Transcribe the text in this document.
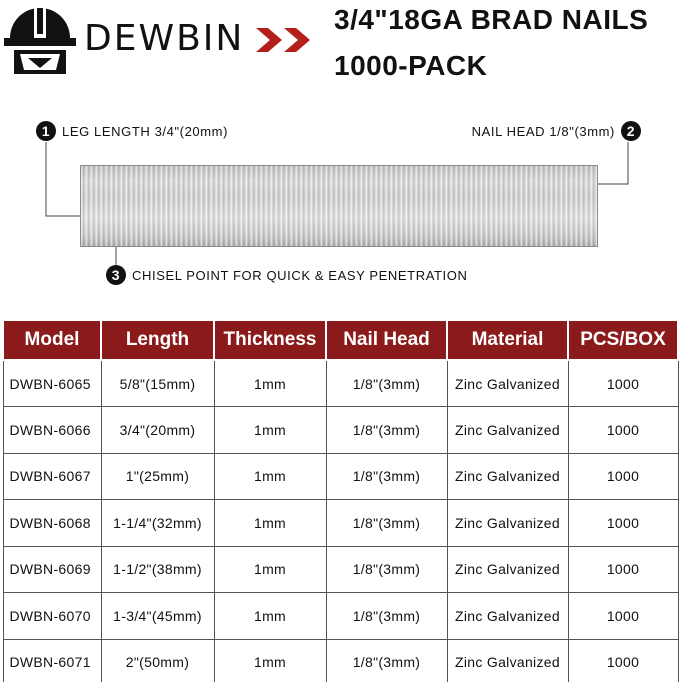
DEWBIN	3/4"18GA BRAD NAILS
1000-PACK
1 LEG LENGTH 3/4"(20mm)	NAIL HEAD 1/8"(3mm) 2
3 CHISEL POINT FOR QUICK & EASY PENETRATION
Model	Length	Thickness	Nail Head	Material	PCS/BOX
DWBN-6065	5/8"(15mm)	1mm	1/8"(3mm)	Zinc Galvanized	1000
DWBN-6066	3/4"(20mm)	1mm	1/8"(3mm)	Zinc Galvanized	1000
DWBN-6067	1"(25mm)	1mm	1/8"(3mm)	Zinc Galvanized	1000
DWBN-6068	1-1/4"(32mm)	1mm	1/8"(3mm)	Zinc Galvanized	1000
DWBN-6069	1-1/2"(38mm)	1mm	1/8"(3mm)	Zinc Galvanized	1000
DWBN-6070	1-3/4"(45mm)	1mm	1/8"(3mm)	Zinc Galvanized	1000
DWBN-6071	2"(50mm)	1mm	1/8"(3mm)	Zinc Galvanized	1000
